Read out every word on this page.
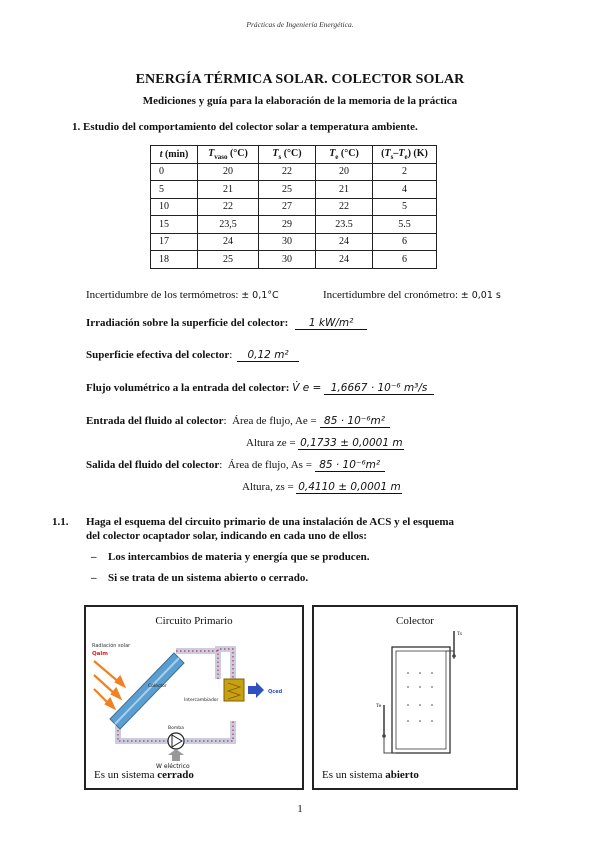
Prácticas de Ingeniería Energética.
ENERGÍA TÉRMICA SOLAR. COLECTOR SOLAR
Mediciones y guía para la elaboración de la memoria de la práctica
1. Estudio del comportamiento del colector solar a temperatura ambiente.
t (min)	$T_{vaso}$ (°C)	$T_s$ (°C)	$T_e$ (°C)	$(T_s-T_e)$ (K)
0	20	22	20	2
5	21	25	21	4
10	22	27	22	5
15	23,5	29	23.5	5.5
17	24	30	24	6
18	25	30	24	6
Incertidumbre de los termómetros: ± 0,1°C	Incertidumbre del cronómetro: ± 0,01 s
Irradiación sobre la superficie del colector: 1 kW/m²
Superficie efectiva del colector: 0,12 m²
Flujo volumétrico a la entrada del colector: V̇ e = 1,6667 · 10⁻⁶ m³/s
Entrada del fluido al colector:  Área de flujo, Ae = 85 · 10⁻⁶m²
Altura ze = 0,1733 ± 0,0001 m
Salida del fluido del colector:  Área de flujo, As = 85 · 10⁻⁶m²
Altura, zs = 0,4110 ± 0,0001 m
1.1. Haga el esquema del circuito primario de una instalación de ACS y el esquema
del colector ocaptador solar, indicando en cada uno de ellos:
– Los intercambios de materia y energía que se producen.
– Si se trata de un sistema abierto o cerrado.
Circuito Primario
Radiación solar
Qalm
Colector
Intercambiador
Qced
Bomba
W eléctrico
Es un sistema cerrado
Colector
Ts
Te
Es un sistema abierto
1
